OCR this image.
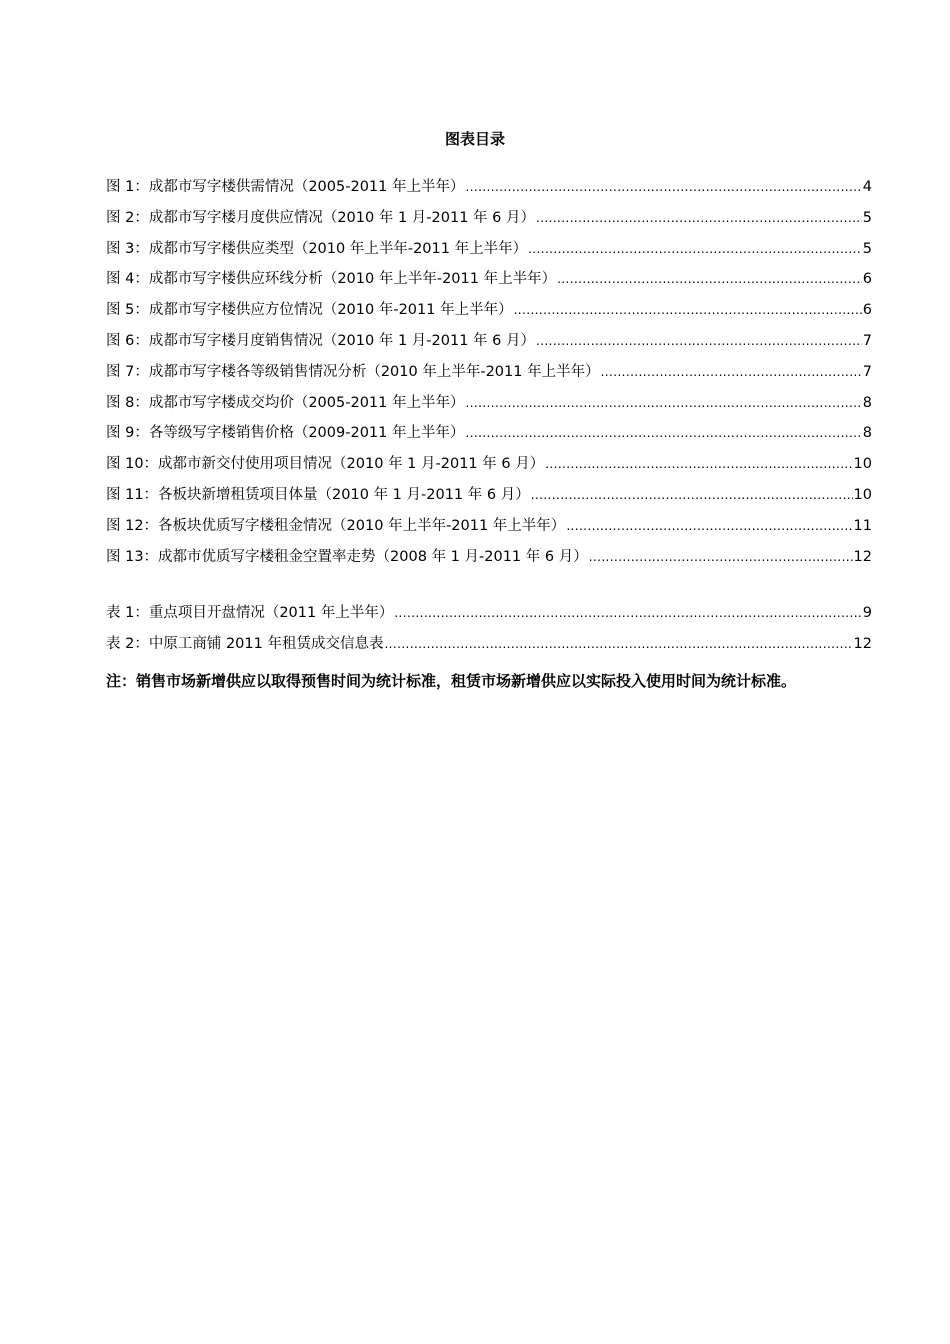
图表目录
图 1：成都市写字楼供需情况（2005-2011 年上半年） .....	4
图 2：成都市写字楼月度供应情况（2010 年 1 月-2011 年 6 月） .....	5
图 3：成都市写字楼供应类型（2010 年上半年-2011 年上半年） .....	5
图 4：成都市写字楼供应环线分析（2010 年上半年-2011 年上半年） .....	6
图 5：成都市写字楼供应方位情况（2010 年-2011 年上半年） .....	6
图 6：成都市写字楼月度销售情况（2010 年 1 月-2011 年 6 月） .....	7
图 7：成都市写字楼各等级销售情况分析（2010 年上半年-2011 年上半年） .....	7
图 8：成都市写字楼成交均价（2005-2011 年上半年） .....	8
图 9：各等级写字楼销售价格（2009-2011 年上半年） .....	8
图 10：成都市新交付使用项目情况（2010 年 1 月-2011 年 6 月） .....	10
图 11：各板块新增租赁项目体量（2010 年 1 月-2011 年 6 月） .....	10
图 12：各板块优质写字楼租金情况（2010 年上半年-2011 年上半年） .....	11
图 13：成都市优质写字楼租金空置率走势（2008 年 1 月-2011 年 6 月） .....	12
表 1：重点项目开盘情况（2011 年上半年） .....	9
表 2：中原工商铺 2011 年租赁成交信息表 .....	12
注：销售市场新增供应以取得预售时间为统计标准，租赁市场新增供应以实际投入使用时间为统计标准。
